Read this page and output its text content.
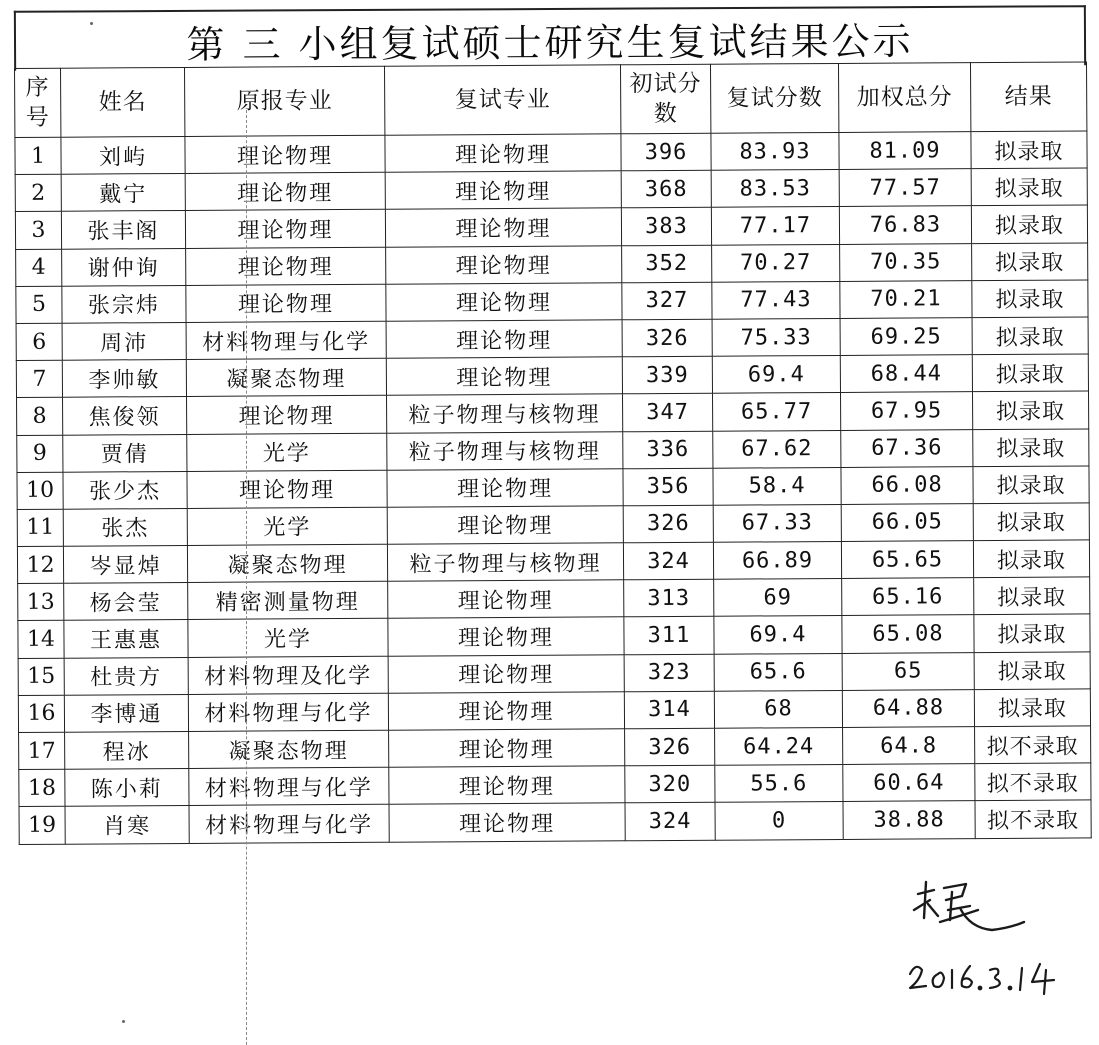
第 三 小组复试硕士研究生复试结果公示
序号	姓名	原报专业	复试专业	初试分数	复试分数	加权总分	结果
1	刘屿	理论物理	理论物理	396	83.93	81.09	拟录取
2	戴宁	理论物理	理论物理	368	83.53	77.57	拟录取
3	张丰阁	理论物理	理论物理	383	77.17	76.83	拟录取
4	谢仲询	理论物理	理论物理	352	70.27	70.35	拟录取
5	张宗炜	理论物理	理论物理	327	77.43	70.21	拟录取
6	周沛	材料物理与化学	理论物理	326	75.33	69.25	拟录取
7	李帅敏	凝聚态物理	理论物理	339	69.4	68.44	拟录取
8	焦俊领	理论物理	粒子物理与核物理	347	65.77	67.95	拟录取
9	贾倩	光学	粒子物理与核物理	336	67.62	67.36	拟录取
10	张少杰	理论物理	理论物理	356	58.4	66.08	拟录取
11	张杰	光学	理论物理	326	67.33	66.05	拟录取
12	岑显焯	凝聚态物理	粒子物理与核物理	324	66.89	65.65	拟录取
13	杨会莹	精密测量物理	理论物理	313	69	65.16	拟录取
14	王惠惠	光学	理论物理	311	69.4	65.08	拟录取
15	杜贵方	材料物理及化学	理论物理	323	65.6	65	拟录取
16	李博通	材料物理与化学	理论物理	314	68	64.88	拟录取
17	程冰	凝聚态物理	理论物理	326	64.24	64.8	拟不录取
18	陈小莉	材料物理与化学	理论物理	320	55.6	60.64	拟不录取
19	肖寒	材料物理与化学	理论物理	324	0	38.88	拟不录取
